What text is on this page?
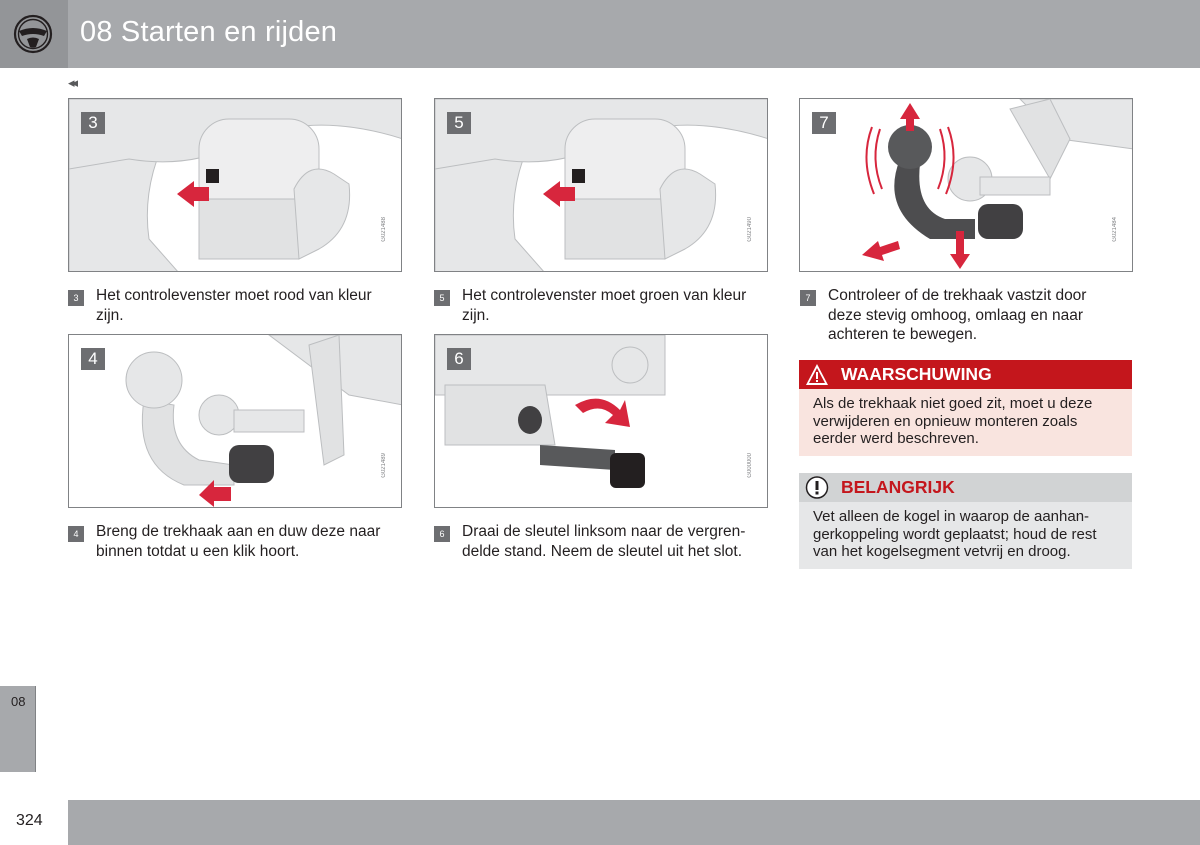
08 Starten en rijden
◂◂
3
G021488
5
G021490
7
G021484
4
G021489
6
G000000
3	Het controlevenster moet rood van kleur zijn.
5	Het controlevenster moet groen van kleur zijn.
7	Controleer of de trekhaak vastzit door deze stevig omhoog, omlaag en naar achteren te bewegen.
4	Breng de trekhaak aan en duw deze naar binnen totdat u een klik hoort.
6	Draai de sleutel linksom naar de vergren-delde stand. Neem de sleutel uit het slot.
WAARSCHUWING
Als de trekhaak niet goed zit, moet u deze verwijderen en opnieuw monteren zoals eerder werd beschreven.
BELANGRIJK
Vet alleen de kogel in waarop de aanhan-gerkoppeling wordt geplaatst; houd de rest van het kogelsegment vetvrij en droog.
08
324
